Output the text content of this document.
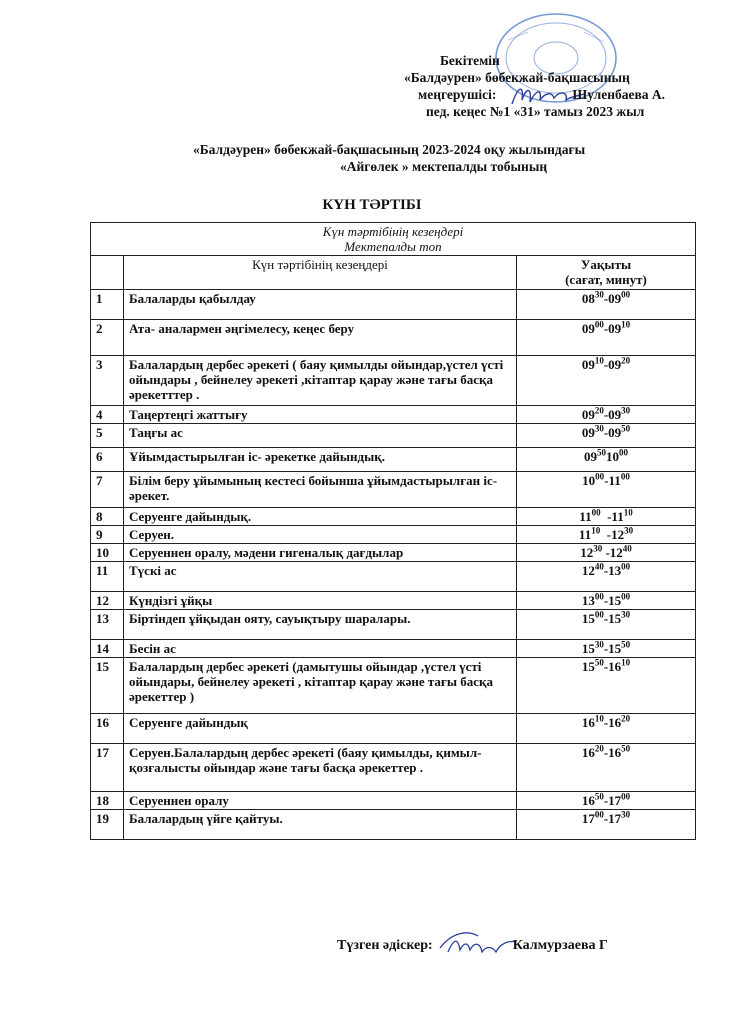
Бекітемін
«Балдәурен» бөбекжай-бақшасының
меңгерушісі:	Шуленбаева А.
пед. кеңес №1 «31» тамыз 2023 жыл
«Балдәурен» бөбекжай-бақшасының 2023-2024 оқу жылындағы
«Айгөлек » мектепалды тобының
КҮН ТӘРТІБІ
Күн тәртібінің кезеңдері
Мектепалды топ		

	Күн тәртібінің кезеңдері	Уақыты
(сағат, минут)

1	Балаларды қабылдау	$08^{30}-09^{00}$
2	Ата- аналармен әңгімелесу, кеңес беру	$09^{00}-09^{10}$
3	Балалардың дербес әрекеті ( баяу қимылды ойындар,үстел үсті ойындары , бейнелеу әрекеті ,кітаптар қарау және тағы басқа әрекетттер .	$09^{10}-09^{20}$
4	Таңертеңгі жаттығу	$09^{20}-09^{30}$
5	Таңғы ас	$09^{30}-09^{50}$
6	Ұйымдастырылған іс- әрекетке дайындық.	$09^{50}10^{00}$
7	Білім беру ұйымының кестесі бойынша ұйымдастырылған іс-әрекет.	$10^{00}-11^{00}$
8	Серуенге дайындық.	$11^{00}$  $-11^{10}$
9	Серуен.	$11^{10}$  $-12^{30}$
10	Серуеннен оралу, мәдени гигеналық дағдылар	$12^{30}$ $-12^{40}$
11	Түскі ас	$12^{40}-13^{00}$
12	Күндізгі ұйқы	$13^{00}-15^{00}$
13	Біртіндеп ұйқыдан ояту, сауықтыру шаралары.	$15^{00}-15^{30}$
14	Бесін ас	$15^{30}-15^{50}$
15	Балалардың дербес әрекеті (дамытушы ойындар ,үстел үсті ойындары, бейнелеу әрекеті , кітаптар қарау және тағы басқа әрекеттер )	$15^{50}-16^{10}$
16	Серуенге дайындық	$16^{10}-16^{20}$
17	Серуен.Балалардың дербес әрекеті (баяу қимылды, қимыл-қозғалысты ойындар және тағы басқа әрекеттер .	$16^{20}-16^{50}$
18	Серуеннен оралу	$16^{50}-17^{00}$
19	Балалардың үйге қайтуы.	$17^{00}-17^{30}$
Түзген әдіскер:	Калмурзаева Г
